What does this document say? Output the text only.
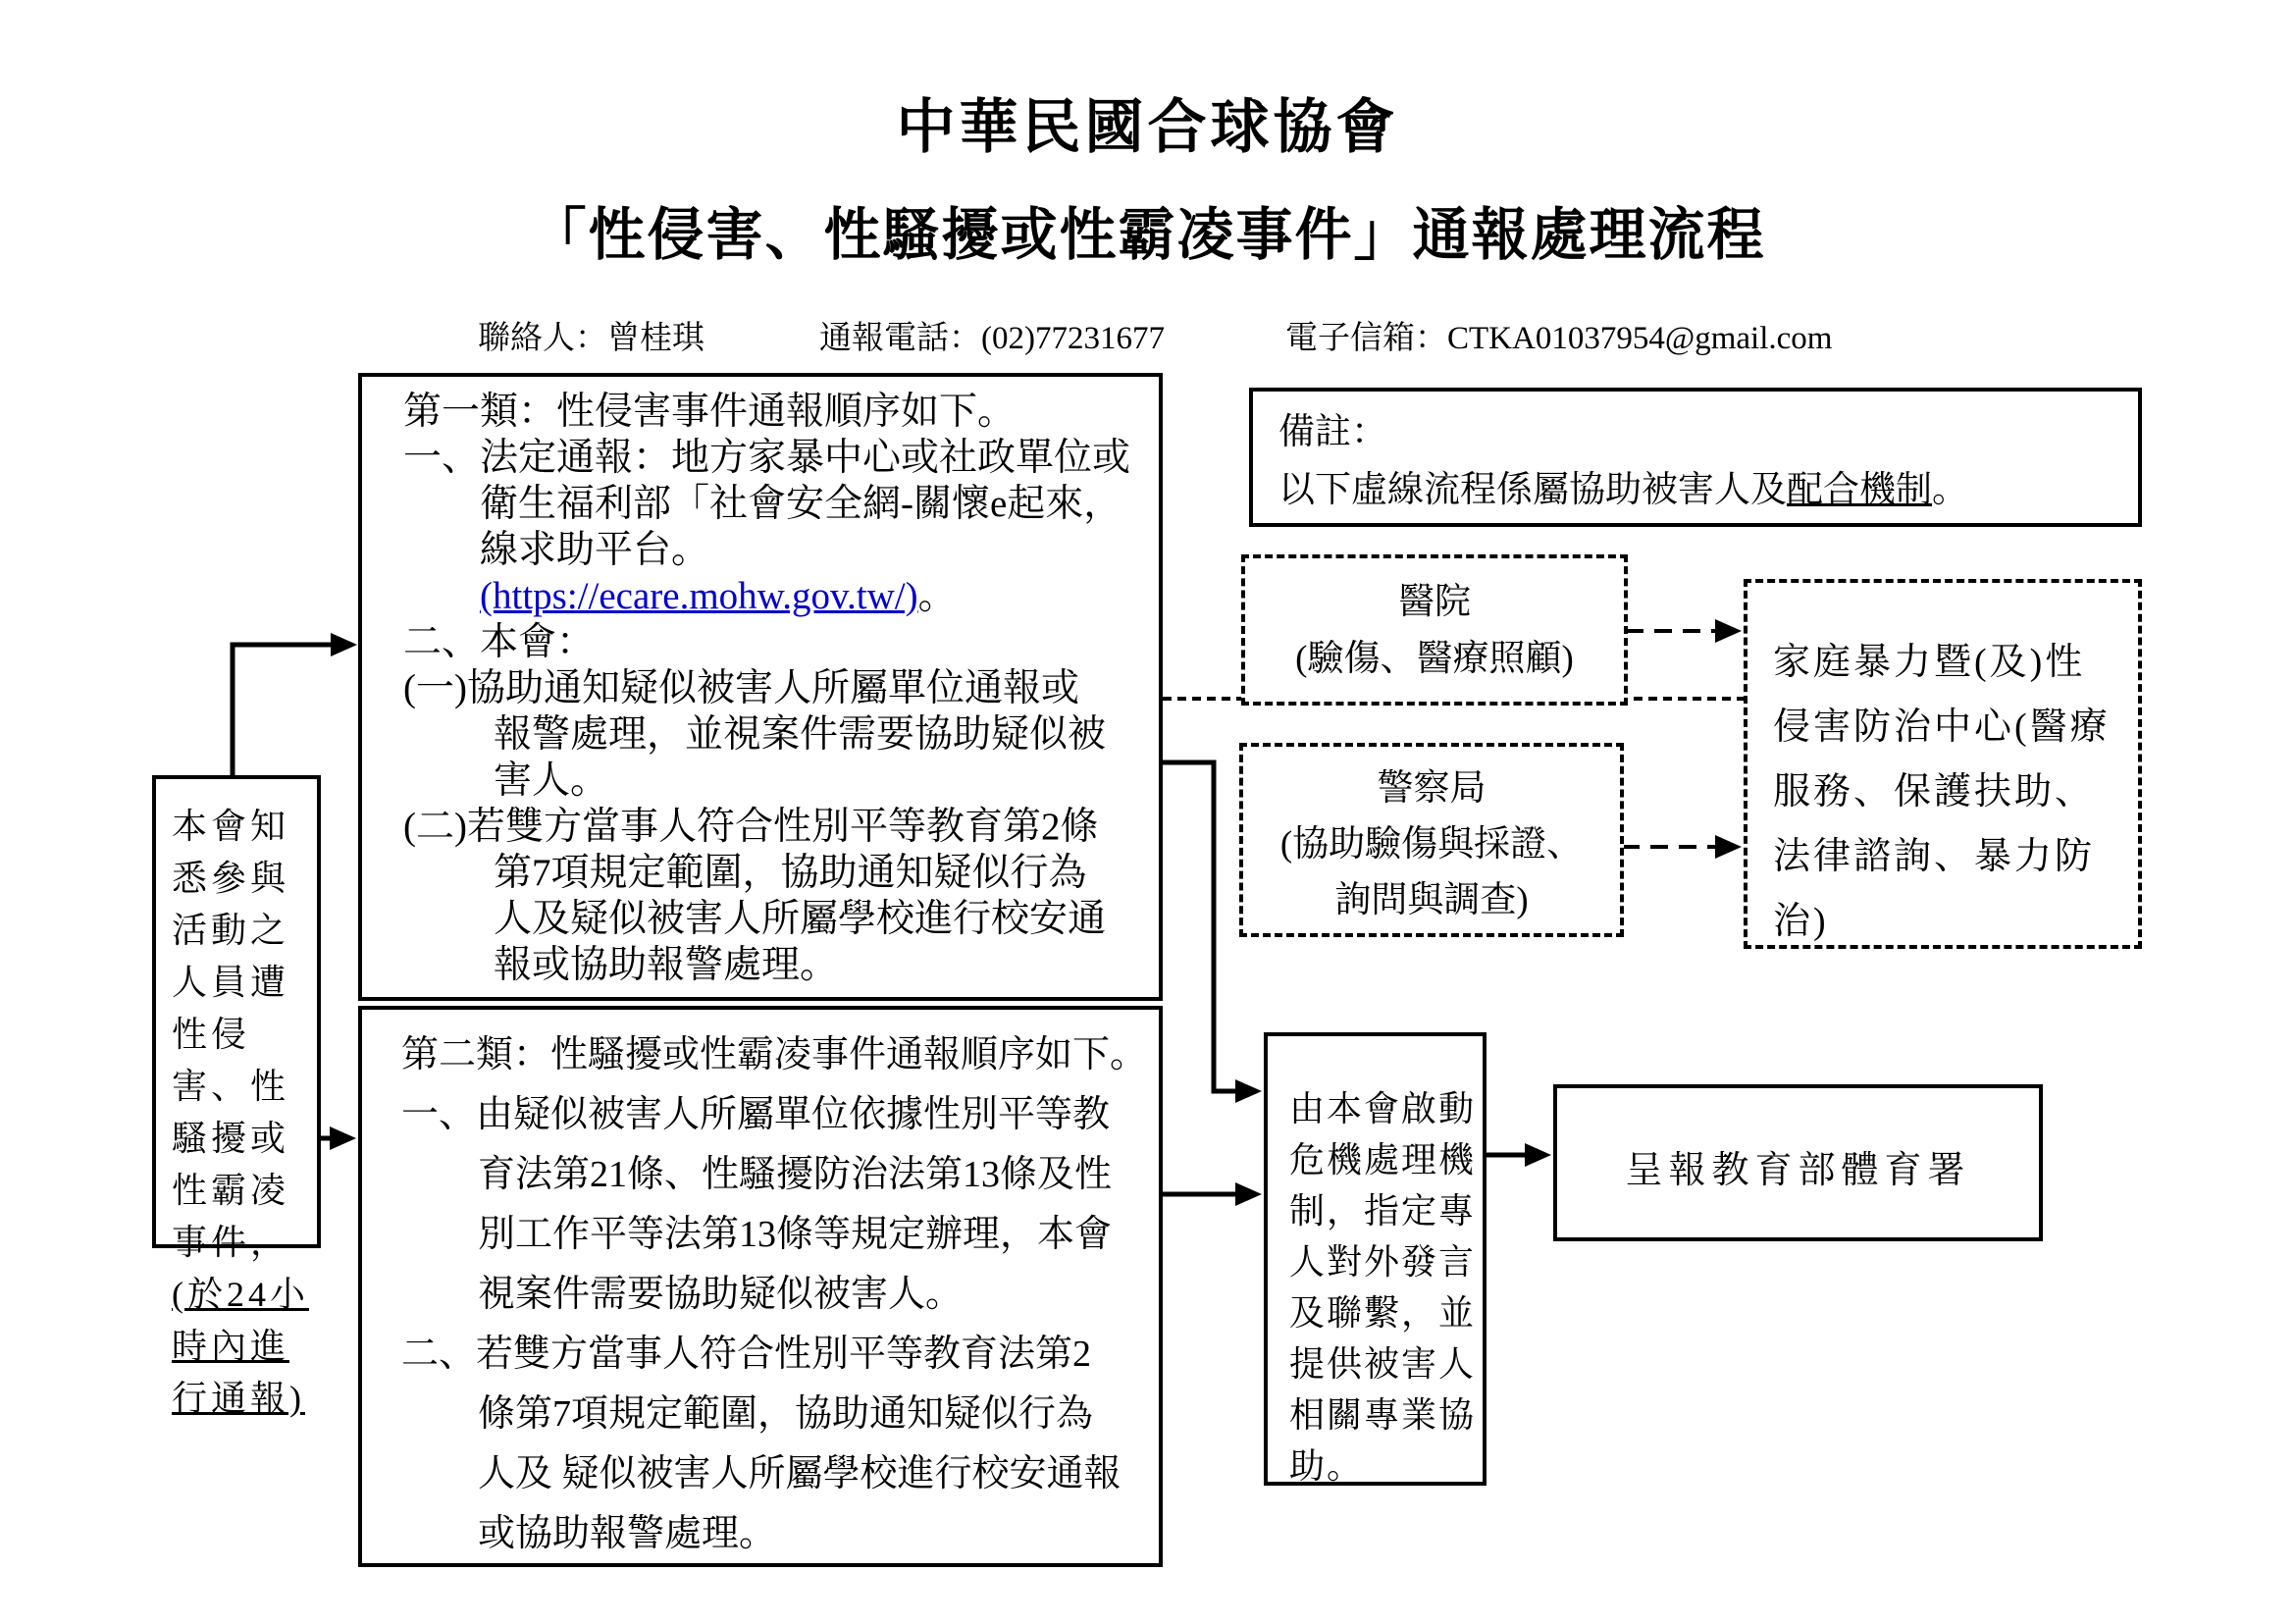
中華民國合球協會
「性侵害、性騷擾或性霸凌事件」通報處理流程
聯絡人：曾桂琪	通報電話：(02)77231677	電子信箱：CTKA01037954@gmail.com
本會知悉參與活動之人員遭性侵害、性騷擾或性霸凌事件，(於24小時內進行通報)
第一類：性侵害事件通報順序如下。
一、法定通報：地方家暴中心或社政單位或
衛生福利部「社會安全網-關懷e起來，
線求助平台。
(https://ecare.mohw.gov.tw/)。
二、本會：
(一)協助通知疑似被害人所屬單位通報或
報警處理，並視案件需要協助疑似被
害人。
(二)若雙方當事人符合性別平等教育第2條
第7項規定範圍，協助通知疑似行為
人及疑似被害人所屬學校進行校安通
報或協助報警處理。
第二類：性騷擾或性霸凌事件通報順序如下。
一、由疑似被害人所屬單位依據性別平等教
育法第21條、性騷擾防治法第13條及性
別工作平等法第13條等規定辦理，本會
視案件需要協助疑似被害人。
二、若雙方當事人符合性別平等教育法第2
條第7項規定範圍，協助通知疑似行為
人及 疑似被害人所屬學校進行校安通報
或協助報警處理。
備註：
以下虛線流程係屬協助被害人及配合機制。
醫院
(驗傷、醫療照顧)
警察局
(協助驗傷與採證、
詢問與調查)
家庭暴力暨(及)性侵害防治中心(醫療服務、保護扶助、法律諮詢、暴力防治)
由本會啟動危機處理機制，指定專人對外發言及聯繫，並提供被害人相關專業協助。
呈報教育部體育署
